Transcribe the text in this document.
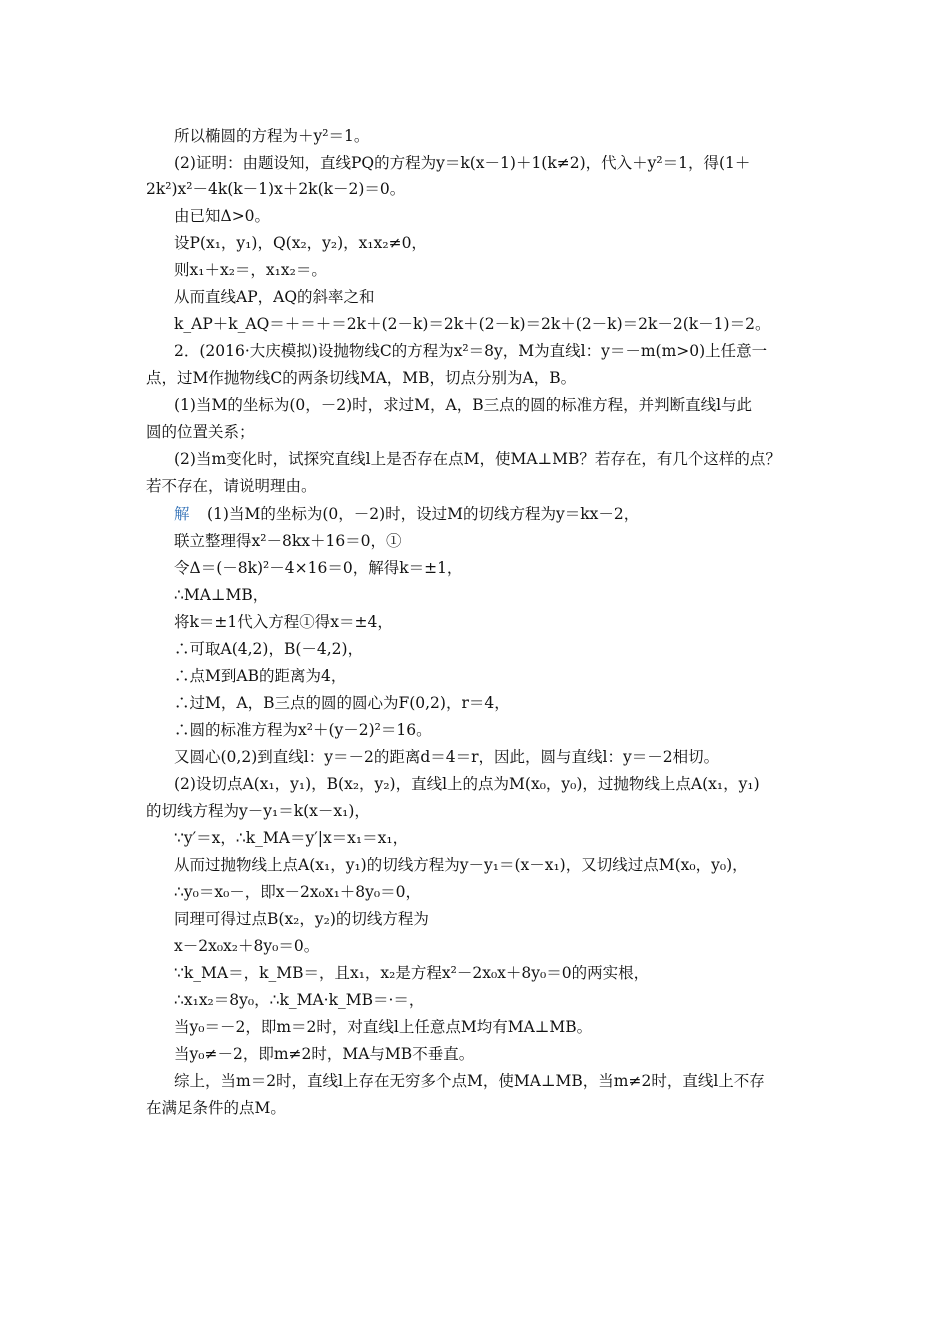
所以椭圆的方程为＋y²＝1。
(2)证明：由题设知，直线PQ的方程为y＝k(x－1)＋1(k≠2)，代入＋y²＝1，得(1＋
2k²)x²－4k(k－1)x＋2k(k－2)＝0。
由已知Δ>0。
设P(x₁，y₁)，Q(x₂，y₂)，x₁x₂≠0，
则x₁＋x₂＝，x₁x₂＝。
从而直线AP，AQ的斜率之和
k_AP＋k_AQ＝＋＝＋＝2k＋(2－k)＝2k＋(2－k)＝2k＋(2－k)＝2k－2(k－1)＝2。
2．(2016·大庆模拟)设抛物线C的方程为x²＝8y，M为直线l：y＝－m(m>0)上任意一
点，过M作抛物线C的两条切线MA，MB，切点分别为A，B。
(1)当M的坐标为(0，－2)时，求过M，A，B三点的圆的标准方程，并判断直线l与此
圆的位置关系；
(2)当m变化时，试探究直线l上是否存在点M，使MA⊥MB？若存在，有几个这样的点？
若不存在，请说明理由。
解 (1)当M的坐标为(0，－2)时，设过M的切线方程为y＝kx－2，
联立整理得x²－8kx＋16＝0，①
令Δ＝(－8k)²－4×16＝0，解得k＝±1，
∴MA⊥MB，
将k＝±1代入方程①得x＝±4，
∴可取A(4,2)，B(－4,2)，
∴点M到AB的距离为4，
∴过M，A，B三点的圆的圆心为F(0,2)，r＝4，
∴圆的标准方程为x²＋(y－2)²＝16。
又圆心(0,2)到直线l：y＝－2的距离d＝4＝r，因此，圆与直线l：y＝－2相切。
(2)设切点A(x₁，y₁)，B(x₂，y₂)，直线l上的点为M(x₀，y₀)，过抛物线上点A(x₁，y₁)
的切线方程为y－y₁＝k(x－x₁)，
∵y′＝x，∴k_MA＝y′|x＝x₁＝x₁，
从而过抛物线上点A(x₁，y₁)的切线方程为y－y₁＝(x－x₁)，又切线过点M(x₀，y₀)，
∴y₀＝x₀－，即x－2x₀x₁＋8y₀＝0，
同理可得过点B(x₂，y₂)的切线方程为
x－2x₀x₂＋8y₀＝0。
∵k_MA＝，k_MB＝，且x₁，x₂是方程x²－2x₀x＋8y₀＝0的两实根，
∴x₁x₂＝8y₀，∴k_MA·k_MB＝·＝，
当y₀＝－2，即m＝2时，对直线l上任意点M均有MA⊥MB。
当y₀≠－2，即m≠2时，MA与MB不垂直。
综上，当m＝2时，直线l上存在无穷多个点M，使MA⊥MB，当m≠2时，直线l上不存
在满足条件的点M。
